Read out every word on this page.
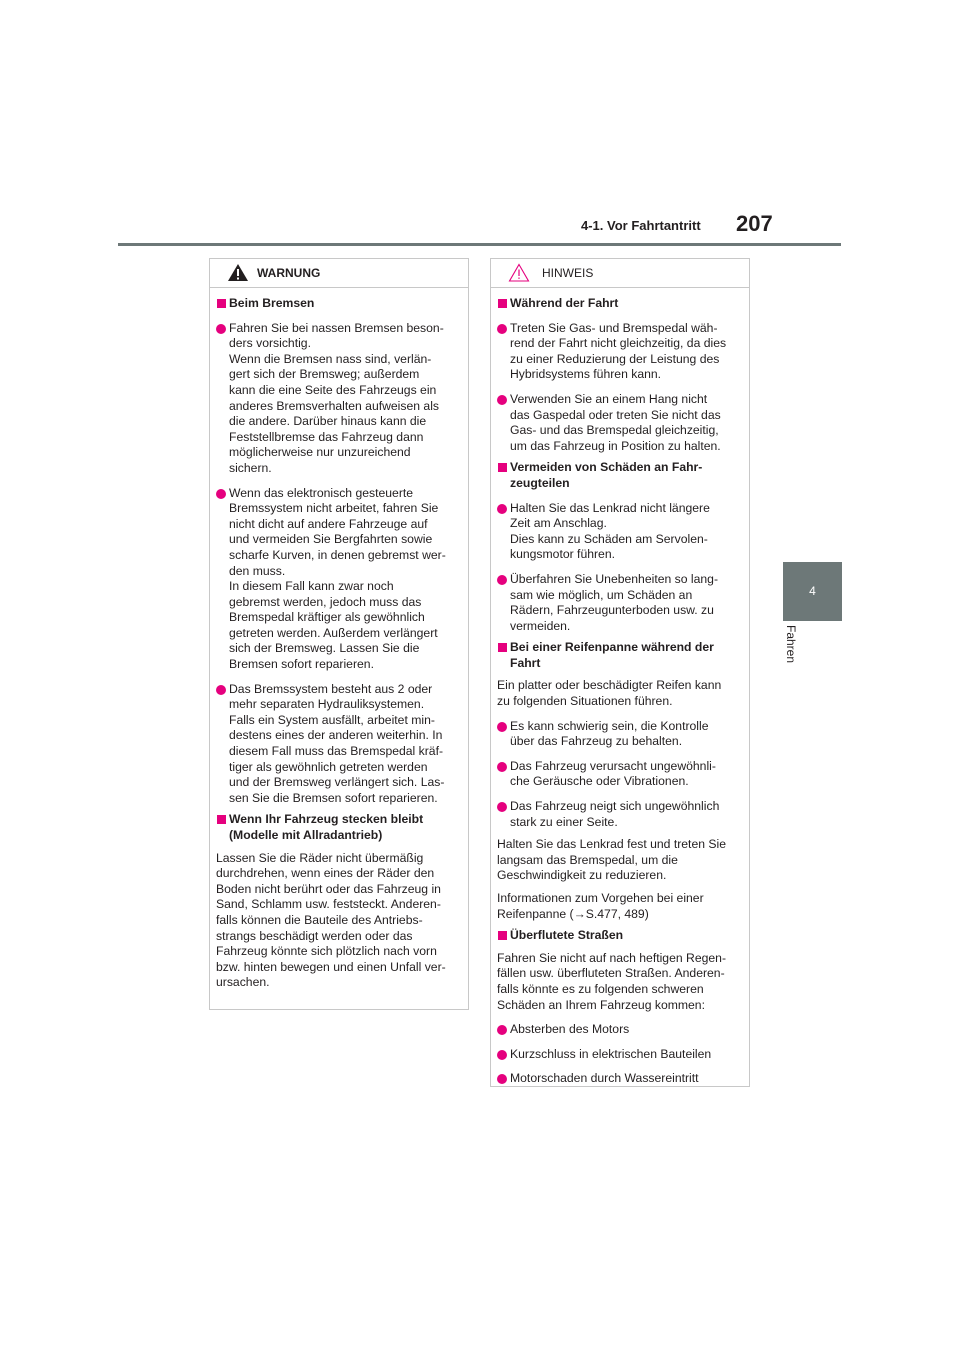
4-1. Vor Fahrtantritt 207
4
Fahren
WARNUNG
Beim Bremsen
Fahren Sie bei nassen Bremsen beson-
ders vorsichtig.
Wenn die Bremsen nass sind, verlän-
gert sich der Bremsweg; außerdem
kann die eine Seite des Fahrzeugs ein
anderes Bremsverhalten aufweisen als
die andere. Darüber hinaus kann die
Feststellbremse das Fahrzeug dann
möglicherweise nur unzureichend
sichern.
Wenn das elektronisch gesteuerte
Bremssystem nicht arbeitet, fahren Sie
nicht dicht auf andere Fahrzeuge auf
und vermeiden Sie Bergfahrten sowie
scharfe Kurven, in denen gebremst wer-
den muss.
In diesem Fall kann zwar noch
gebremst werden, jedoch muss das
Bremspedal kräftiger als gewöhnlich
getreten werden. Außerdem verlängert
sich der Bremsweg. Lassen Sie die
Bremsen sofort reparieren.
Das Bremssystem besteht aus 2 oder
mehr separaten Hydrauliksystemen.
Falls ein System ausfällt, arbeitet min-
destens eines der anderen weiterhin. In
diesem Fall muss das Bremspedal kräf-
tiger als gewöhnlich getreten werden
und der Bremsweg verlängert sich. Las-
sen Sie die Bremsen sofort reparieren.
Wenn Ihr Fahrzeug stecken bleibt
(Modelle mit Allradantrieb)
Lassen Sie die Räder nicht übermäßig
durchdrehen, wenn eines der Räder den
Boden nicht berührt oder das Fahrzeug in
Sand, Schlamm usw. feststeckt. Anderen-
falls können die Bauteile des Antriebs-
strangs beschädigt werden oder das
Fahrzeug könnte sich plötzlich nach vorn
bzw. hinten bewegen und einen Unfall ver-
ursachen.
HINWEIS
Während der Fahrt
Treten Sie Gas- und Bremspedal wäh-
rend der Fahrt nicht gleichzeitig, da dies
zu einer Reduzierung der Leistung des
Hybridsystems führen kann.
Verwenden Sie an einem Hang nicht
das Gaspedal oder treten Sie nicht das
Gas- und das Bremspedal gleichzeitig,
um das Fahrzeug in Position zu halten.
Vermeiden von Schäden an Fahr-
zeugteilen
Halten Sie das Lenkrad nicht längere
Zeit am Anschlag.
Dies kann zu Schäden am Servolen-
kungsmotor führen.
Überfahren Sie Unebenheiten so lang-
sam wie möglich, um Schäden an
Rädern, Fahrzeugunterboden usw. zu
vermeiden.
Bei einer Reifenpanne während der
Fahrt
Ein platter oder beschädigter Reifen kann
zu folgenden Situationen führen.
Es kann schwierig sein, die Kontrolle
über das Fahrzeug zu behalten.
Das Fahrzeug verursacht ungewöhnli-
che Geräusche oder Vibrationen.
Das Fahrzeug neigt sich ungewöhnlich
stark zu einer Seite.
Halten Sie das Lenkrad fest und treten Sie
langsam das Bremspedal, um die
Geschwindigkeit zu reduzieren.
Informationen zum Vorgehen bei einer
Reifenpanne (→S.477, 489)
Überflutete Straßen
Fahren Sie nicht auf nach heftigen Regen-
fällen usw. überfluteten Straßen. Anderen-
falls könnte es zu folgenden schweren
Schäden an Ihrem Fahrzeug kommen:
Absterben des Motors
Kurzschluss in elektrischen Bauteilen
Motorschaden durch Wassereintritt
